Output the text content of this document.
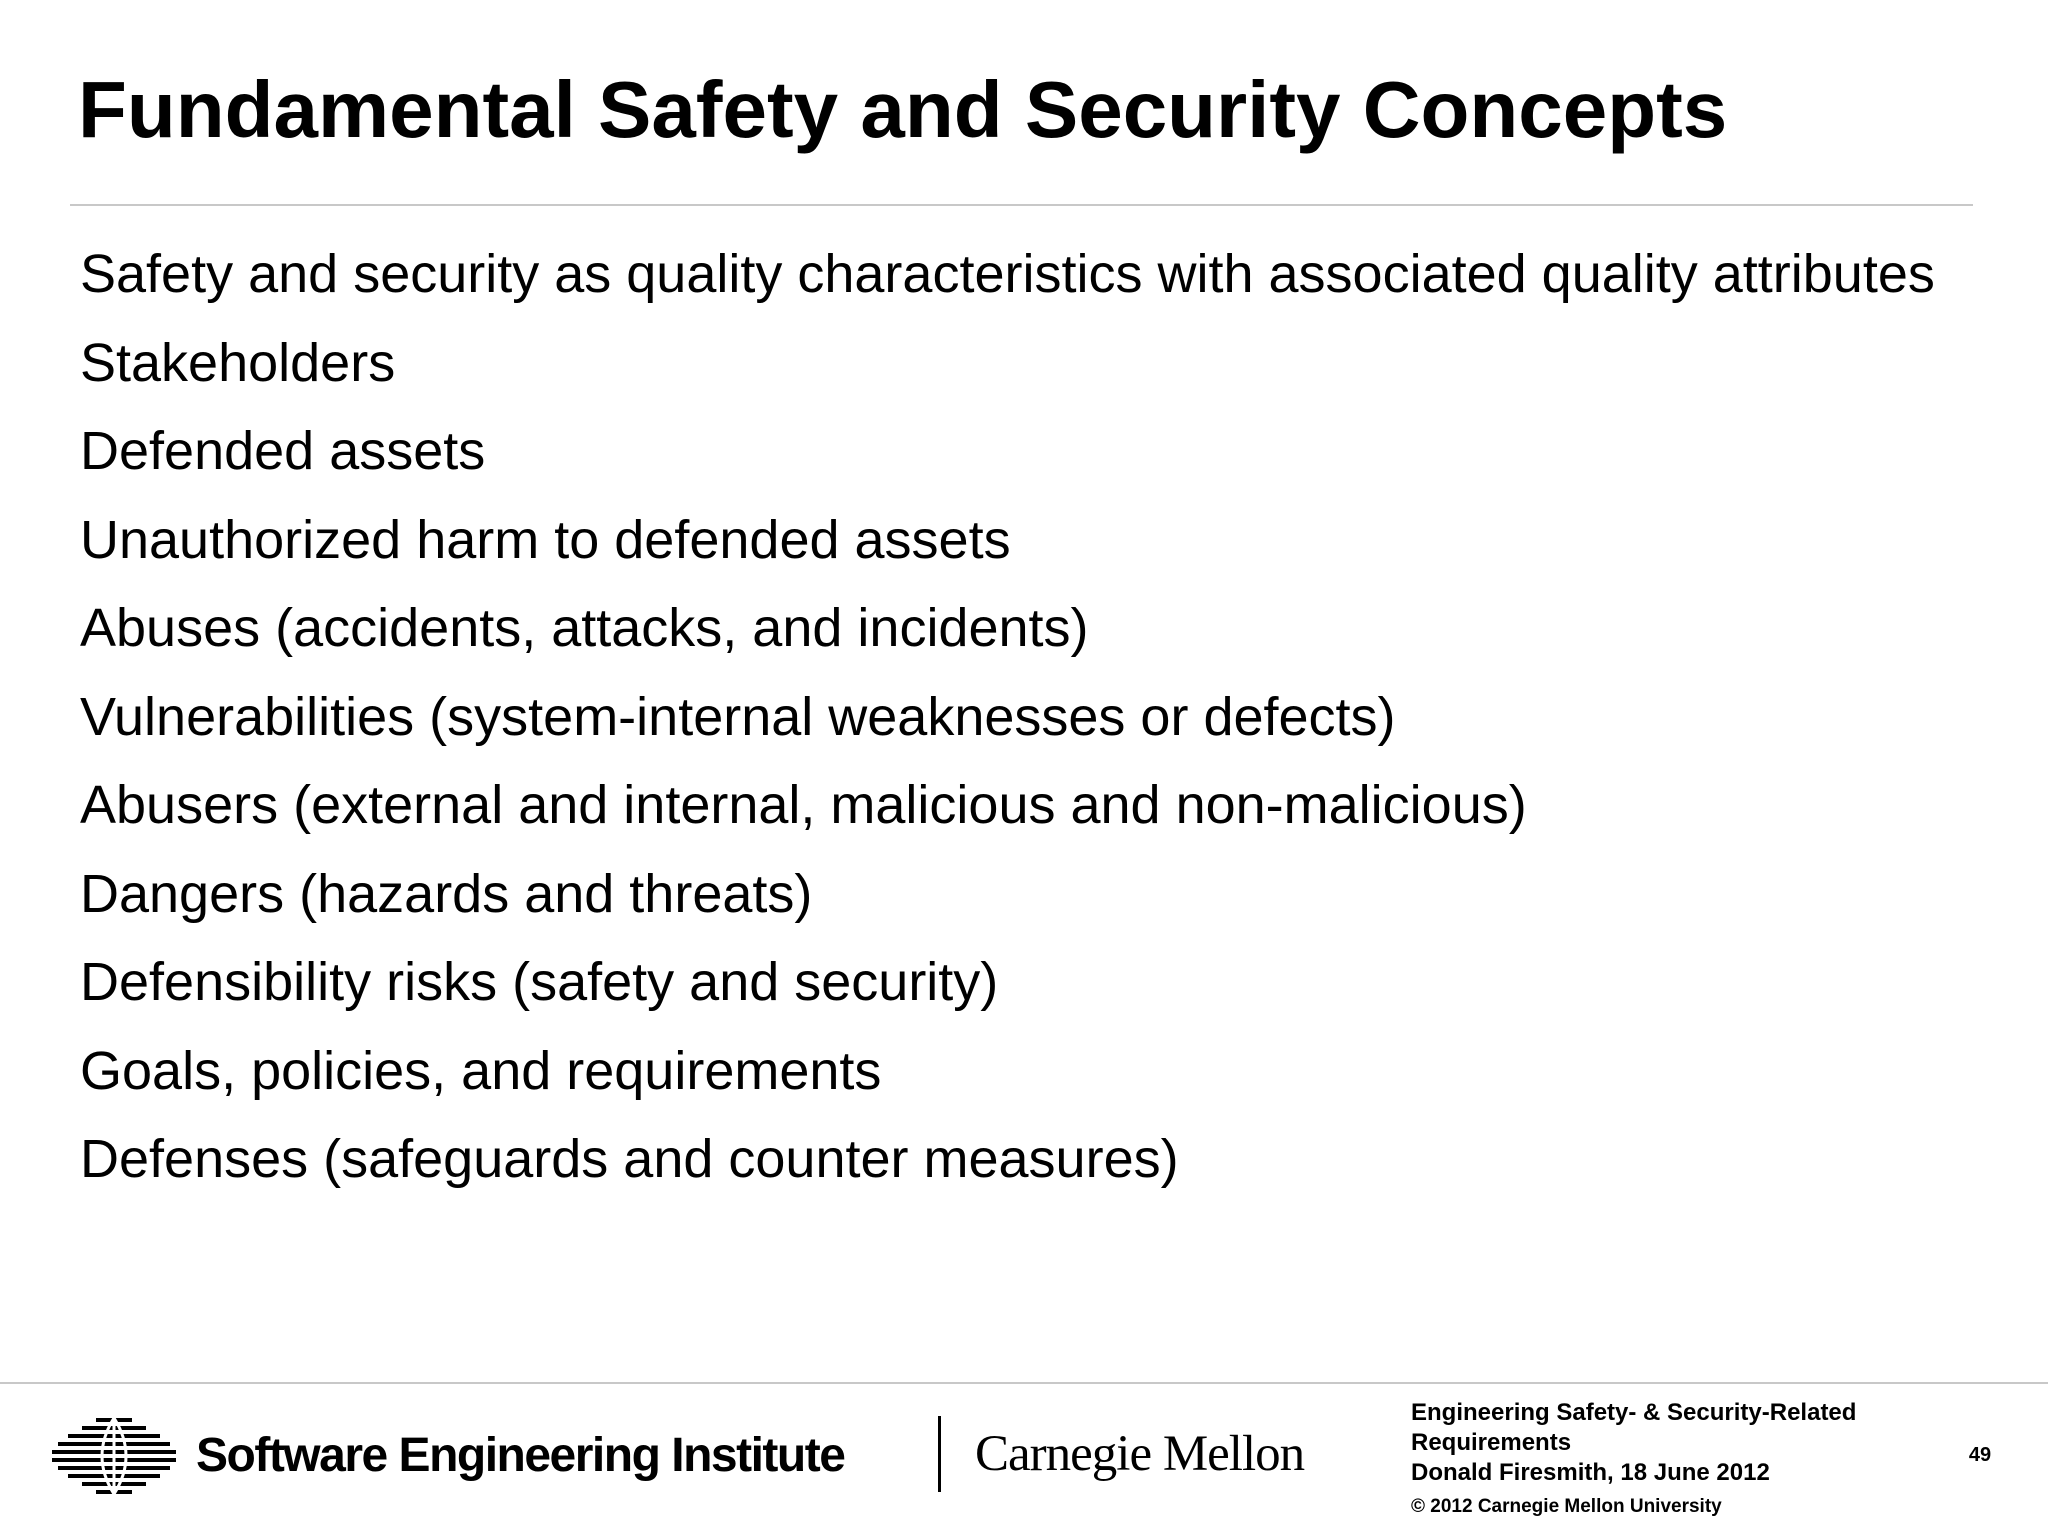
Fundamental Safety and Security Concepts
Safety and security as quality characteristics with associated quality attributes
Stakeholders
Defended assets
Unauthorized harm to defended assets
Abuses (accidents, attacks, and incidents)
Vulnerabilities (system-internal weaknesses or defects)
Abusers (external and internal, malicious and non-malicious)
Dangers (hazards and threats)
Defensibility risks (safety and security)
Goals, policies, and requirements
Defenses (safeguards and counter measures)
Software Engineering Institute	Carnegie Mellon
Engineering Safety- & Security-Related
Requirements
Donald Firesmith, 18 June 2012
© 2012 Carnegie Mellon University
49
